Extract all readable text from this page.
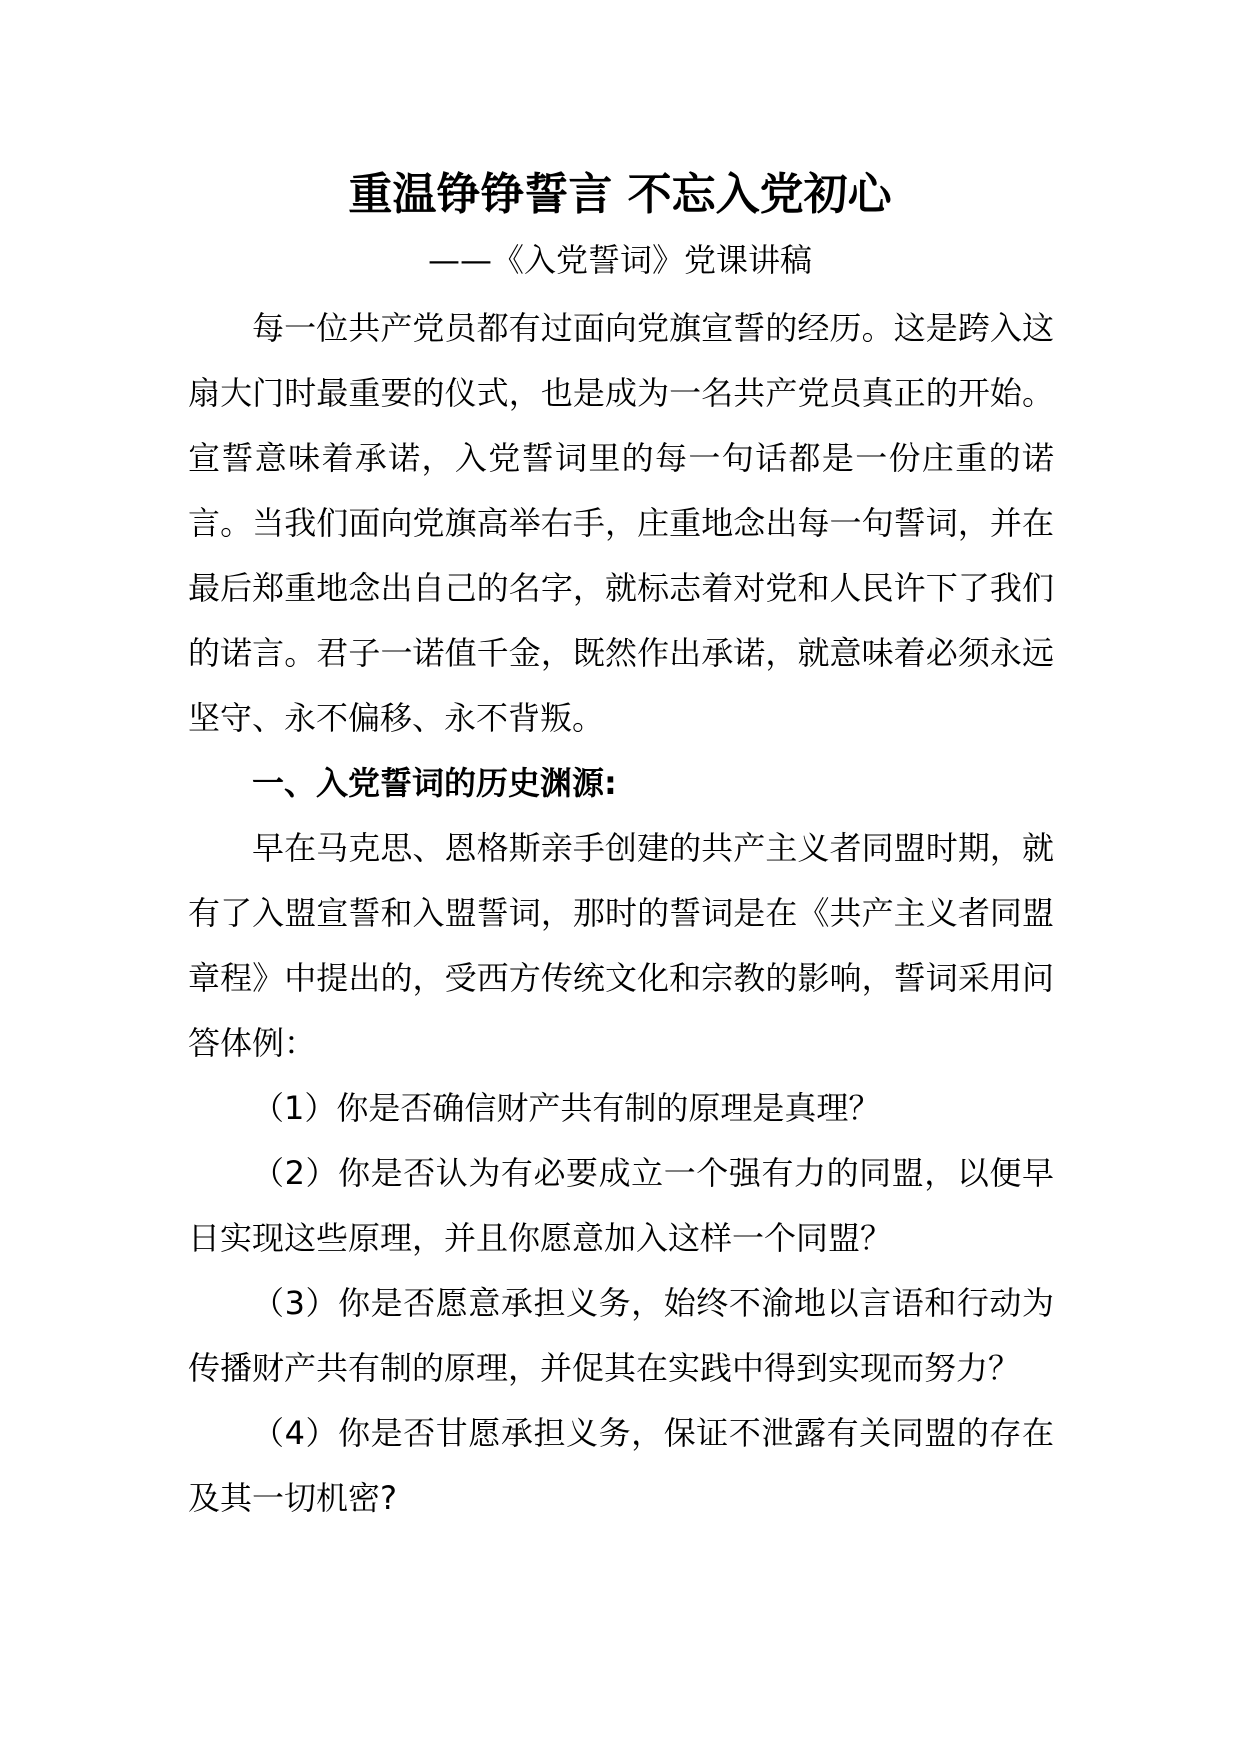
重温铮铮誓言 不忘入党初心
——《入党誓词》党课讲稿

每一位共产党员都有过面向党旗宣誓的经历。这是跨入这扇大门时最重要的仪式，也是成为一名共产党员真正的开始。宣誓意味着承诺，入党誓词里的每一句话都是一份庄重的诺言。当我们面向党旗高举右手，庄重地念出每一句誓词，并在最后郑重地念出自己的名字，就标志着对党和人民许下了我们的诺言。君子一诺值千金，既然作出承诺，就意味着必须永远坚守、永不偏移、永不背叛。

一、入党誓词的历史渊源:

早在马克思、恩格斯亲手创建的共产主义者同盟时期，就有了入盟宣誓和入盟誓词，那时的誓词是在《共产主义者同盟章程》中提出的，受西方传统文化和宗教的影响，誓词采用问答体例：

（1）你是否确信财产共有制的原理是真理？

（2）你是否认为有必要成立一个强有力的同盟，以便早日实现这些原理，并且你愿意加入这样一个同盟？

（3）你是否愿意承担义务，始终不渝地以言语和行动为传播财产共有制的原理，并促其在实践中得到实现而努力？

（4）你是否甘愿承担义务，保证不泄露有关同盟的存在及其一切机密?
